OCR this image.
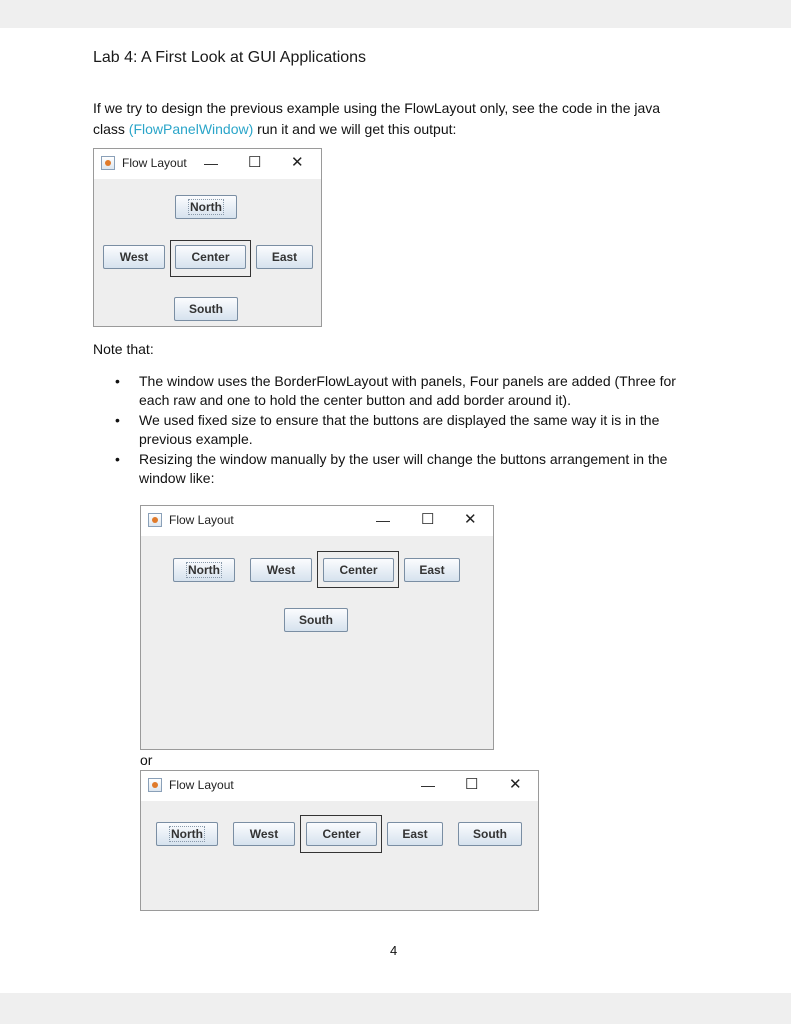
Lab 4: A First Look at GUI Applications
If we try to design the previous example using the FlowLayout only, see the code in the java class (FlowPanelWindow) run it and we will get this output:
Flow Layout — ☐ ✕
North
West	Center	East
South
Note that:
• The window uses the BorderFlowLayout with panels, Four panels are added (Three for each raw and one to hold the center button and add border around it).
• We used fixed size to ensure that the buttons are displayed the same way it is in the previous example.
• Resizing the window manually by the user will change the buttons arrangement in the window like:
Flow Layout	— ☐ ✕
North	West	Center	East
South
or
Flow Layout	— ☐ ✕
North	West	Center	East	South
4
